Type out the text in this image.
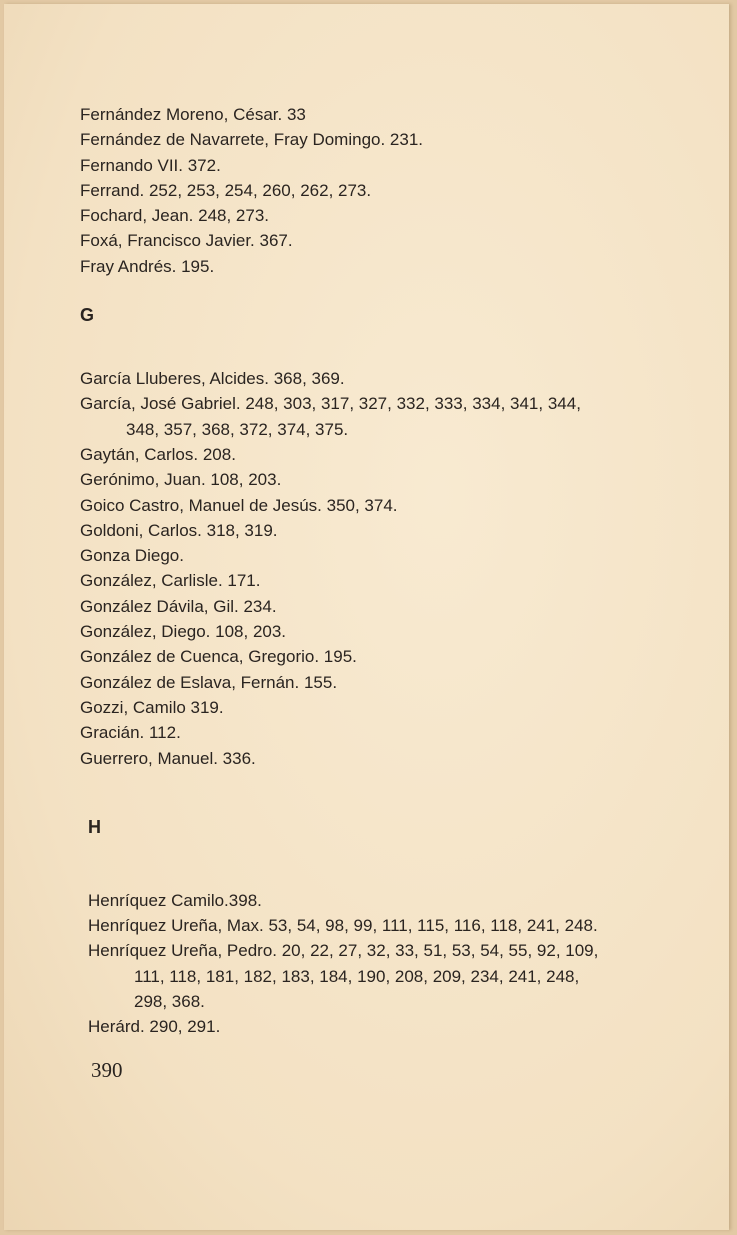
Fernández Moreno, César. 33
Fernández de Navarrete, Fray Domingo. 231.
Fernando VII. 372.
Ferrand. 252, 253, 254, 260, 262, 273.
Fochard, Jean. 248, 273.
Foxá, Francisco Javier. 367.
Fray Andrés. 195.
G
García Lluberes, Alcides. 368, 369.
García, José Gabriel. 248, 303, 317, 327, 332, 333, 334, 341, 344,
348, 357, 368, 372, 374, 375.
Gaytán, Carlos. 208.
Gerónimo, Juan. 108, 203.
Goico Castro, Manuel de Jesús. 350, 374.
Goldoni, Carlos. 318, 319.
Gonza Diego.
González, Carlisle. 171.
González Dávila, Gil. 234.
González, Diego. 108, 203.
González de Cuenca, Gregorio. 195.
González de Eslava, Fernán. 155.
Gozzi, Camilo 319.
Gracián. 112.
Guerrero, Manuel. 336.
H
Henríquez Camilo.398.
Henríquez Ureña, Max. 53, 54, 98, 99, 111, 115, 116, 118, 241, 248.
Henríquez Ureña, Pedro. 20, 22, 27, 32, 33, 51, 53, 54, 55, 92, 109,
111, 118, 181, 182, 183, 184, 190, 208, 209, 234, 241, 248,
298, 368.
Herárd. 290, 291.
390
